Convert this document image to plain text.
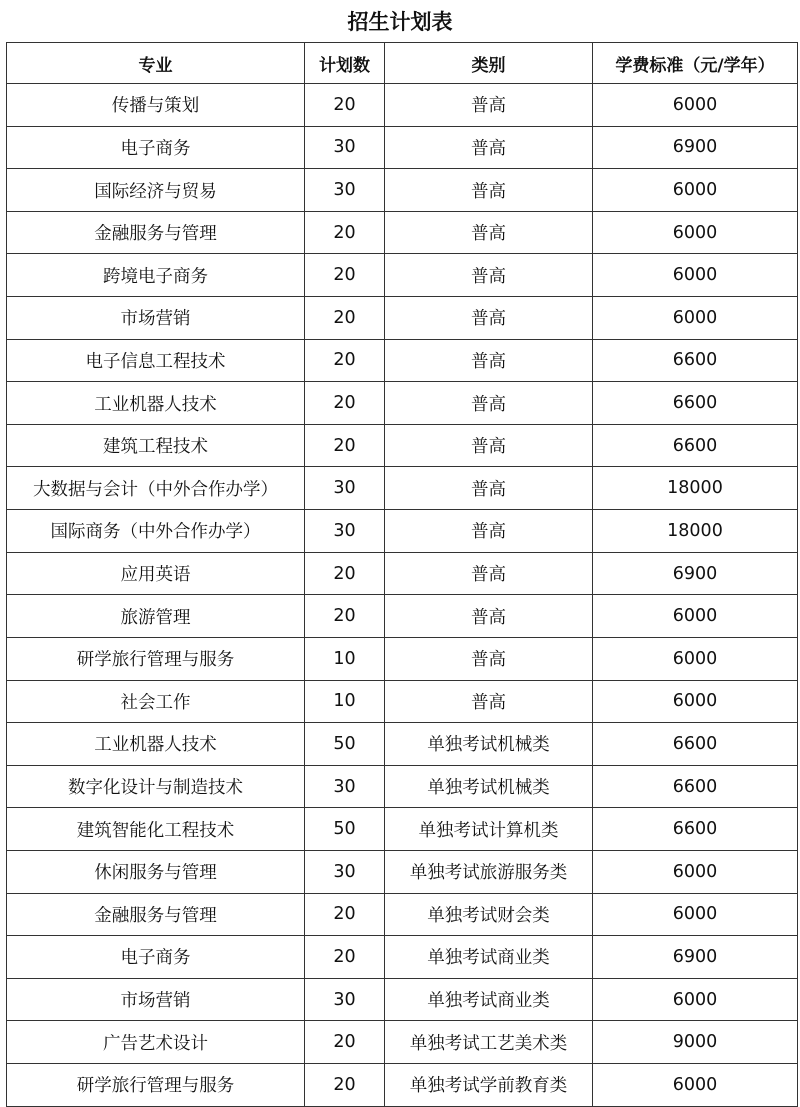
招生计划表
专业	计划数	类别	学费标准（元/学年）
传播与策划	20	普高	6000
电子商务	30	普高	6900
国际经济与贸易	30	普高	6000
金融服务与管理	20	普高	6000
跨境电子商务	20	普高	6000
市场营销	20	普高	6000
电子信息工程技术	20	普高	6600
工业机器人技术	20	普高	6600
建筑工程技术	20	普高	6600
大数据与会计（中外合作办学）	30	普高	18000
国际商务（中外合作办学）	30	普高	18000
应用英语	20	普高	6900
旅游管理	20	普高	6000
研学旅行管理与服务	10	普高	6000
社会工作	10	普高	6000
工业机器人技术	50	单独考试机械类	6600
数字化设计与制造技术	30	单独考试机械类	6600
建筑智能化工程技术	50	单独考试计算机类	6600
休闲服务与管理	30	单独考试旅游服务类	6000
金融服务与管理	20	单独考试财会类	6000
电子商务	20	单独考试商业类	6900
市场营销	30	单独考试商业类	6000
广告艺术设计	20	单独考试工艺美术类	9000
研学旅行管理与服务	20	单独考试学前教育类	6000
